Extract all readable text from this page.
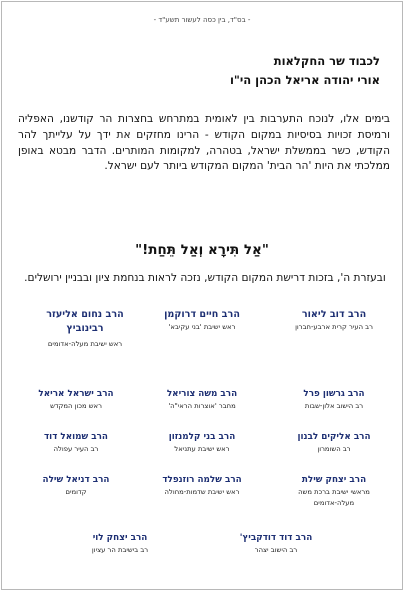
- בס"ד, בין כסה לעשור תשע"ד -
לכבוד שר החקלאות
אורי יהודה אריאל הכהן הי"ו
בימים אלו, לנוכח התערבות בין לאומית במתרחש בחצרות הר קודשנו, האפליה ורמיסת זכויות בסיסיות במקום הקודש - הרינו מחזקים את ידך על עלייתך להר הקודש, כשר בממשלת ישראל, בטהרה, למקומות המותרים. הדבר מבטא באופן ממלכתי את היות 'הר הבית' המקום המקודש ביותר לעם ישראל.
"אַל תִּירָא וְאַל תֵּחַת!"
ובעזרת ה', בזכות דרישת המקום הקודש, נזכה לראות בנחמת ציון ובבניין ירושלים.
הרב דוב ליאור
רב העיר קרית ארבע-חברון
הרב חיים דרוקמן
ראש ישיבת 'בני עקיבא'
הרב נחום אליעזר רבינוביץ
ראש ישיבת מעלה-אדומים
הרב גרשון פרל
רב הישוב אלון-שבות
הרב משה צוריאל
מחבר 'אוצרות הראי"ה'
הרב ישראל אריאל
ראש מכון המקדש
הרב אליקים לבנון
רב השומרון
הרב בני קלמנזון
ראש ישיבת עתניאל
הרב שמואל דוד
רב העיר עפולה
הרב יצחק שילת
מראשי ישיבת ברכת משה מעלה-אדומים
הרב שלמה רוזנפלד
ראש ישיבת שדמות-מחולה
הרב דניאל שילה
קדומים
הרב דוד דודקביץ'
רב הישוב יצהר
הרב יצחק לוי
רב בישיבת הר עציון
